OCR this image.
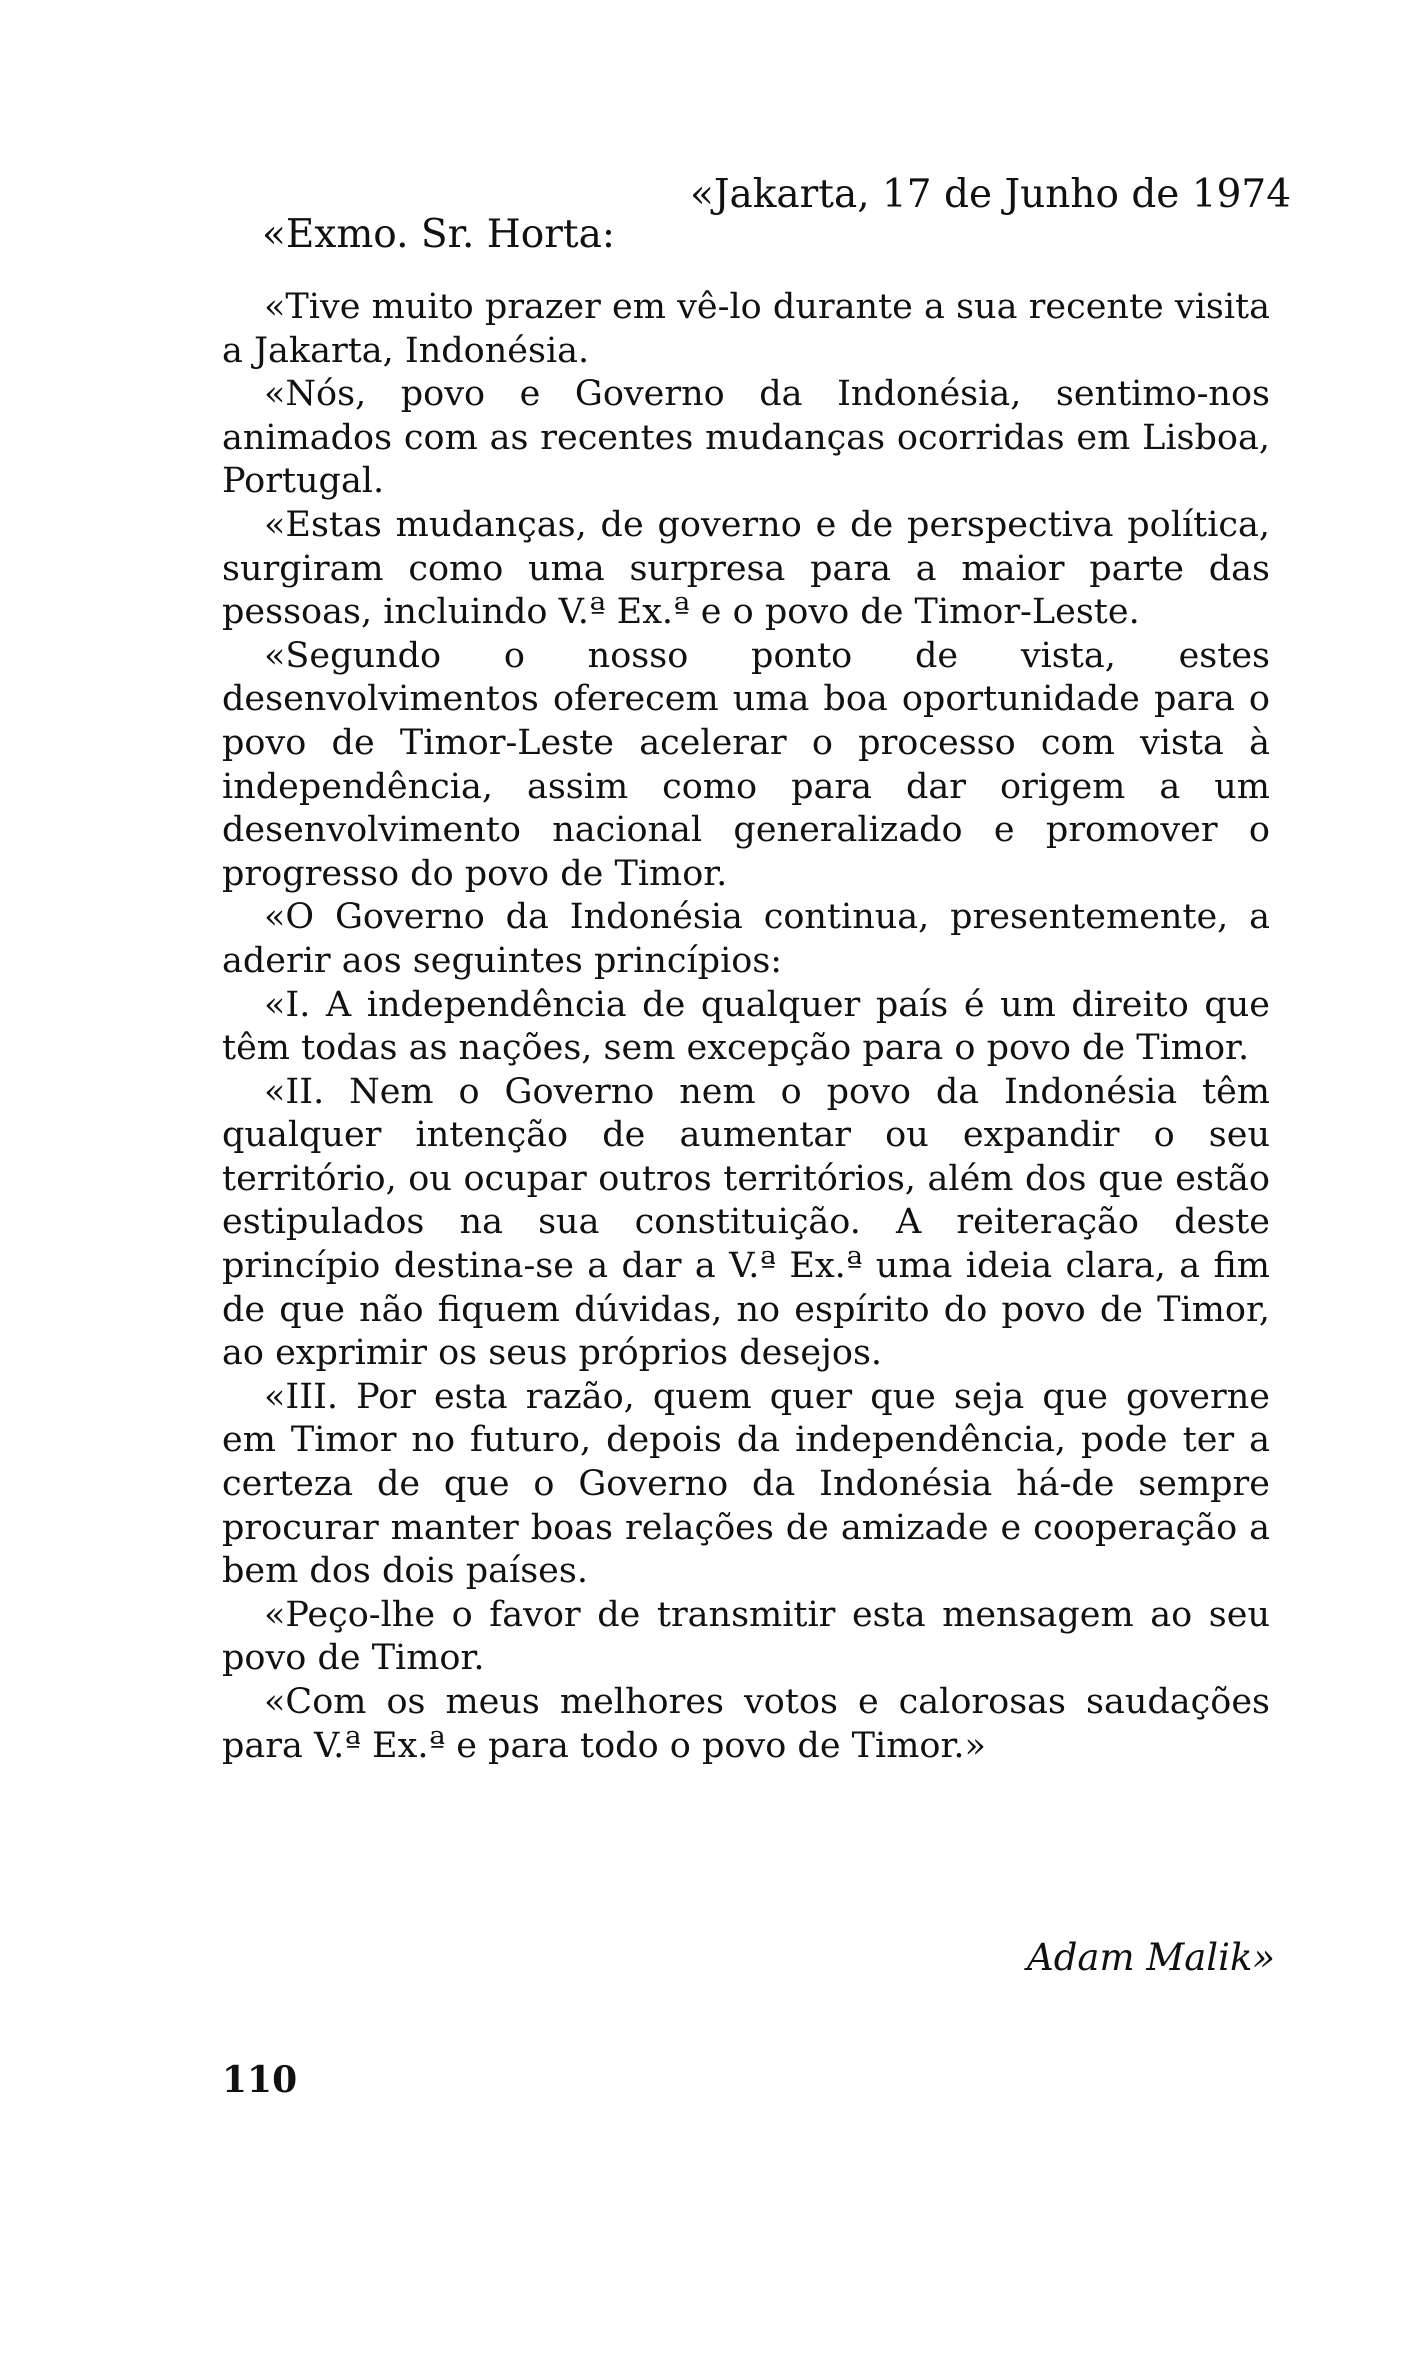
«Jakarta, 17 de Junho de 1974
«Exmo. Sr. Horta:

«Tive muito prazer em vê-lo durante a sua recente visita a Jakarta, Indonésia.

«Nós, povo e Governo da Indonésia, sentimo-nos animados com as recentes mudanças ocorridas em Lisboa, Portugal.

«Estas mudanças, de governo e de perspectiva política, surgiram como uma surpresa para a maior parte das pessoas, incluindo V.ª Ex.ª e o povo de Timor-Leste.

«Segundo o nosso ponto de vista, estes desenvolvimentos oferecem uma boa oportunidade para o povo de Timor-Leste acelerar o processo com vista à independência, assim como para dar origem a um desenvolvimento nacional generalizado e promover o progresso do povo de Timor.

«O Governo da Indonésia continua, presentemente, a aderir aos seguintes princípios:

«I. A independência de qualquer país é um direito que têm todas as nações, sem excepção para o povo de Timor.

«II. Nem o Governo nem o povo da Indonésia têm qualquer intenção de aumentar ou expandir o seu território, ou ocupar outros territórios, além dos que estão estipulados na sua constituição. A reiteração deste princípio destina-se a dar a V.ª Ex.ª uma ideia clara, a fim de que não fiquem dúvidas, no espírito do povo de Timor, ao exprimir os seus próprios desejos.

«III. Por esta razão, quem quer que seja que governe em Timor no futuro, depois da independência, pode ter a certeza de que o Governo da Indonésia há-de sempre procurar manter boas relações de amizade e cooperação a bem dos dois países.

«Peço-lhe o favor de transmitir esta mensagem ao seu povo de Timor.

«Com os meus melhores votos e calorosas saudações para V.ª Ex.ª e para todo o povo de Timor.»

Adam Malik»
110
